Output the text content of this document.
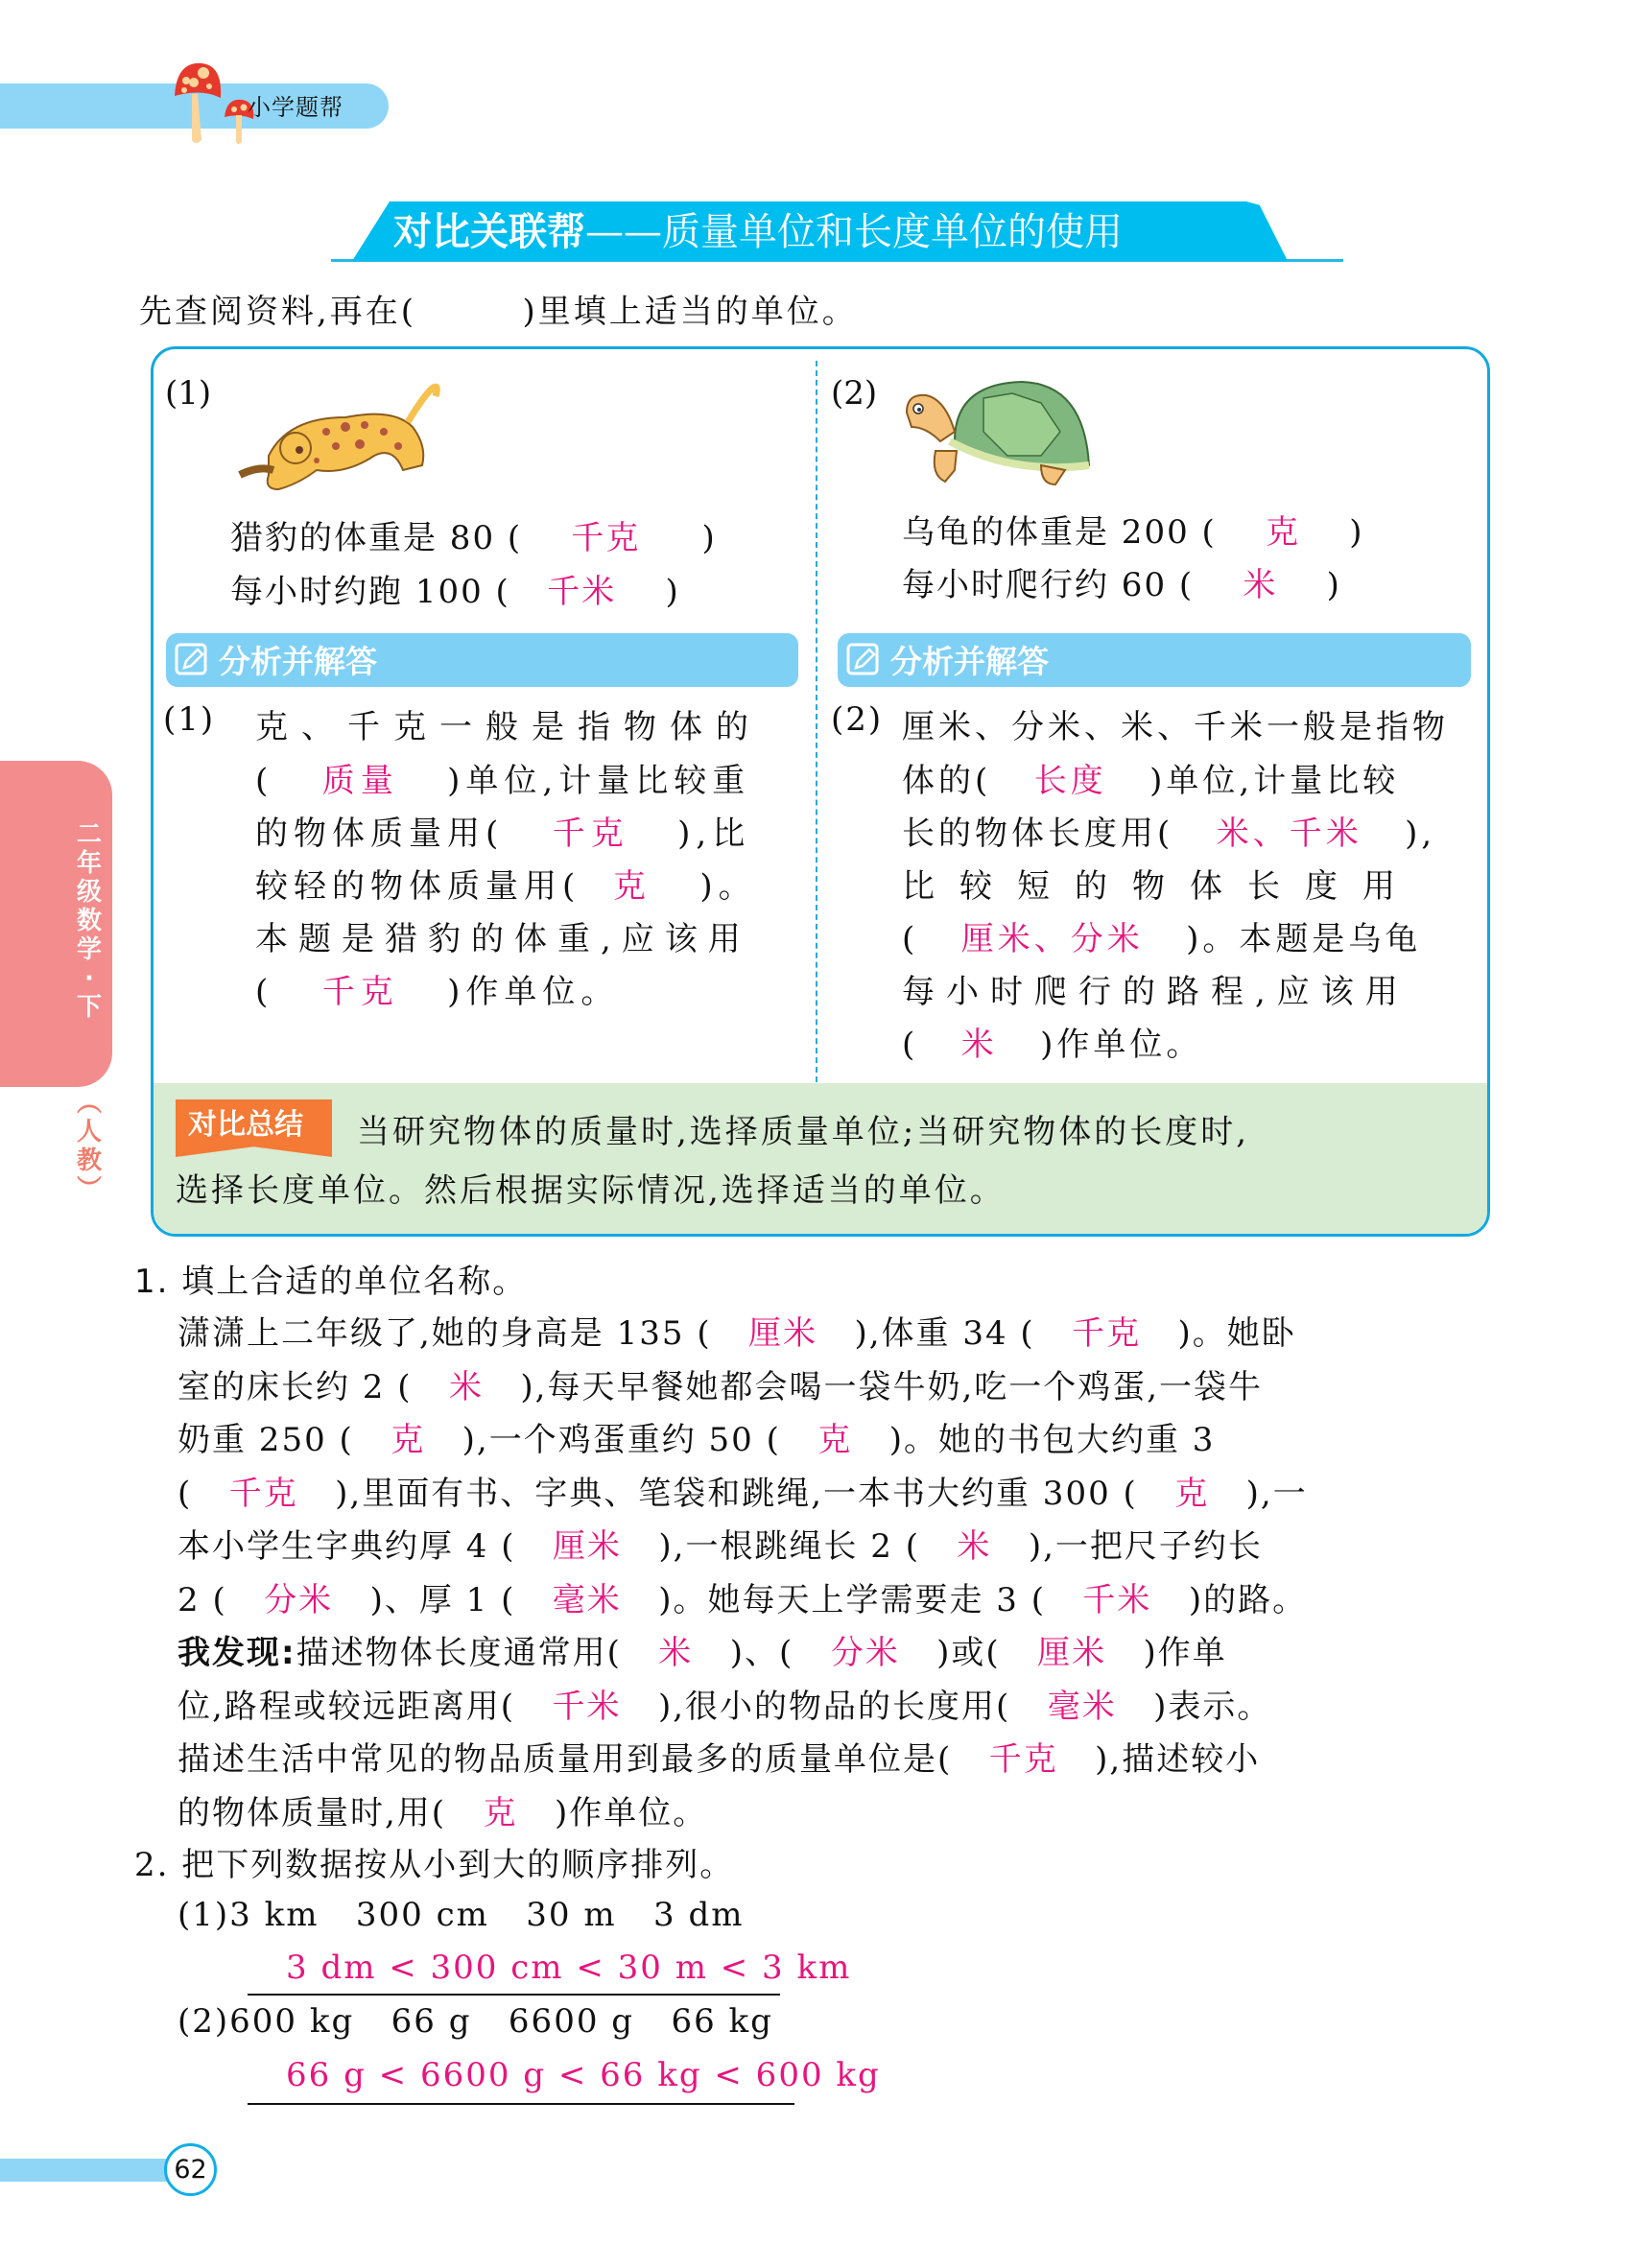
小学题帮
对比关联帮——质量单位和长度单位的使用
先查阅资料,再在(        )里填上适当的单位。
(1)
猎豹的体重是 80 ( 千克 )
每小时约跑 100 ( 千米 )
分析并解答
(1) 克、千克一般是指物体的
( 质量 )单位,计量比较重
的物体质量用( 千克 ),比
较轻的物体质量用( 克 )。
本题是猎豹的体重,应该用
( 千克 )作单位。
(2)
乌龟的体重是 200 ( 克 )
每小时爬行约 60 ( 米 )
分析并解答
(2) 厘米、分米、米、千米一般是指物
体的( 长度 )单位,计量比较
长的物体长度用( 米、千米 ),
比较短的物体长度用
( 厘米、分米 )。本题是乌龟
每小时爬行的路程,应该用
( 米 )作单位。
对比总结 当研究物体的质量时,选择质量单位;当研究物体的长度时,
选择长度单位。然后根据实际情况,选择适当的单位。
1. 填上合适的单位名称。
潇潇上二年级了,她的身高是 135 (   厘米   ),体重 34 (   千克   )。她卧
室的床长约 2 (   米   ),每天早餐她都会喝一袋牛奶,吃一个鸡蛋,一袋牛
奶重 250 (   克   ),一个鸡蛋重约 50 (   克   )。她的书包大约重 3
(   千克   ),里面有书、字典、笔袋和跳绳,一本书大约重 300 (   克   ),一
本小学生字典约厚 4 (   厘米   ),一根跳绳长 2 (   米   ),一把尺子约长
2 (   分米   )、厚 1 (   毫米   )。她每天上学需要走 3 (   千米   )的路。
我发现:描述物体长度通常用(   米   )、(   分米   )或(   厘米   )作单
位,路程或较远距离用(   千米   ),很小的物品的长度用(   毫米   )表示。
描述生活中常见的物品质量用到最多的质量单位是(   千克   ),描述较小
的物体质量时,用(   克   )作单位。
2. 把下列数据按从小到大的顺序排列。
(1)3 km   300 cm   30 m   3 dm
3 dm < 300 cm < 30 m < 3 km
(2)600 kg   66 g   6600 g   66 kg
66 g < 6600 g < 66 kg < 600 kg
二
年
级
数
学
·
下
︵
人
教
︶
62
